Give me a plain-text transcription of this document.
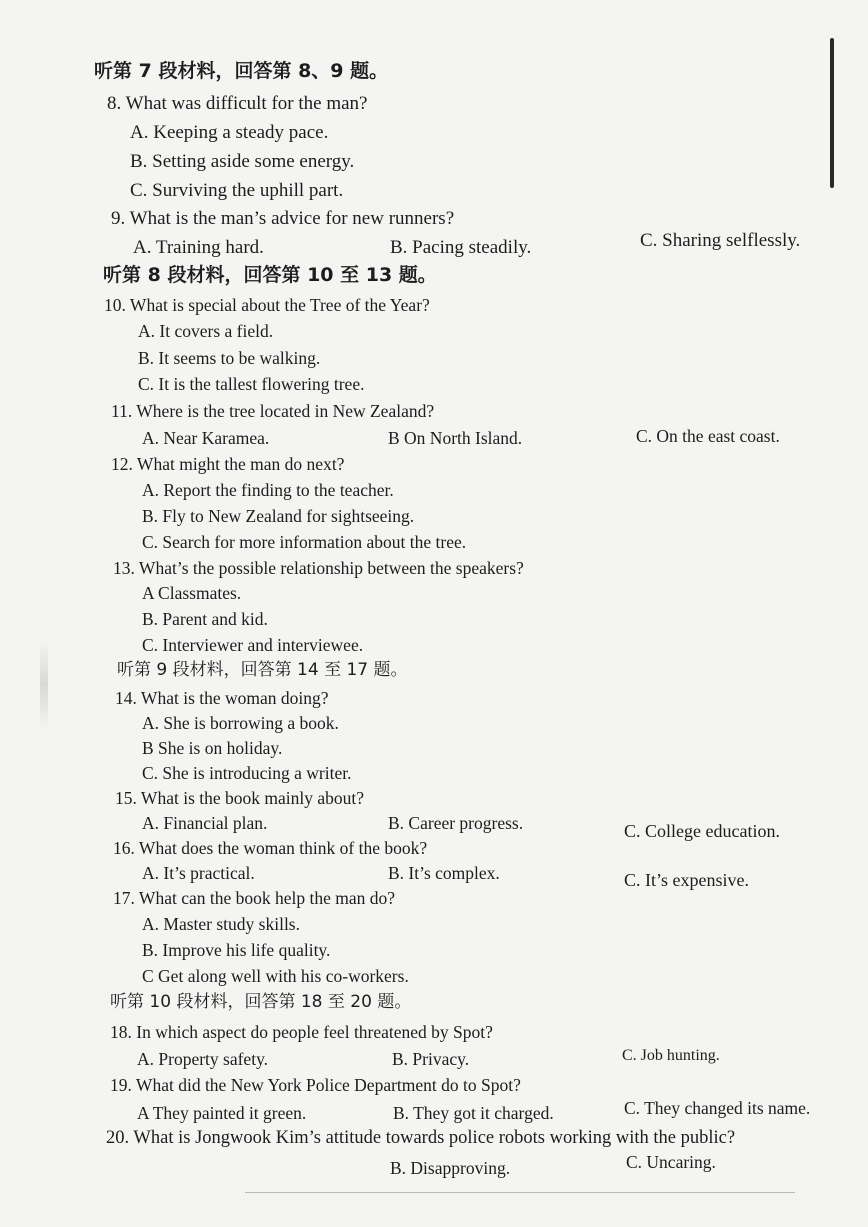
听第 7 段材料，回答第 8、9 题。
8. What was difficult for the man?
A. Keeping a steady pace.
B. Setting aside some energy.
C. Surviving the uphill part.
9. What is the man’s advice for new runners?
A. Training hard.	B. Pacing steadily.	C. Sharing selflessly.
听第 8 段材料，回答第 10 至 13 题。
10. What is special about the Tree of the Year?
A. It covers a field.
B. It seems to be walking.
C. It is the tallest flowering tree.
11. Where is the tree located in New Zealand?
A. Near Karamea.	B On North Island.	C. On the east coast.
12. What might the man do next?
A. Report the finding to the teacher.
B. Fly to New Zealand for sightseeing.
C. Search for more information about the tree.
13. What’s the possible relationship between the speakers?
A Classmates.
B. Parent and kid.
C. Interviewer and interviewee.
听第 9 段材料，回答第 14 至 17 题。
14. What is the woman doing?
A. She is borrowing a book.
B She is on holiday.
C. She is introducing a writer.
15. What is the book mainly about?
A. Financial plan.	B. Career progress.	C. College education.
16. What does the woman think of the book?
A. It’s practical.	B. It’s complex.	C. It’s expensive.
17. What can the book help the man do?
A. Master study skills.
B. Improve his life quality.
C Get along well with his co-workers.
听第 10 段材料，回答第 18 至 20 题。
18. In which aspect do people feel threatened by Spot?
A. Property safety.	B. Privacy.	C. Job hunting.
19. What did the New York Police Department do to Spot?
A They painted it green.	B. They got it charged.	C. They changed its name.
20. What is Jongwook Kim’s attitude towards police robots working with the public?
B. Disapproving.	C. Uncaring.
